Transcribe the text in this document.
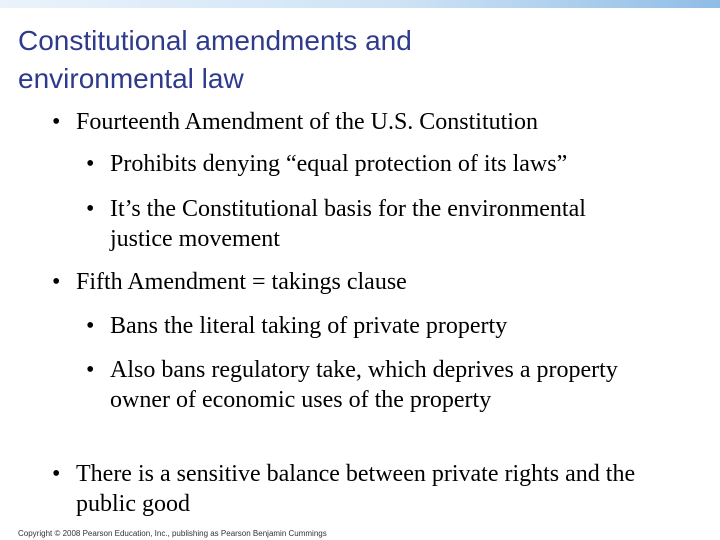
Constitutional amendments and
environmental law
• Fourteenth Amendment of the U.S. Constitution
• Prohibits denying “equal protection of its laws”
• It’s the Constitutional basis for the environmental justice movement
• Fifth Amendment = takings clause
• Bans the literal taking of private property
• Also bans regulatory take, which deprives a property owner of economic uses of the property
• There is a sensitive balance between private rights and the public good
Copyright © 2008 Pearson Education, Inc., publishing as Pearson Benjamin Cummings
